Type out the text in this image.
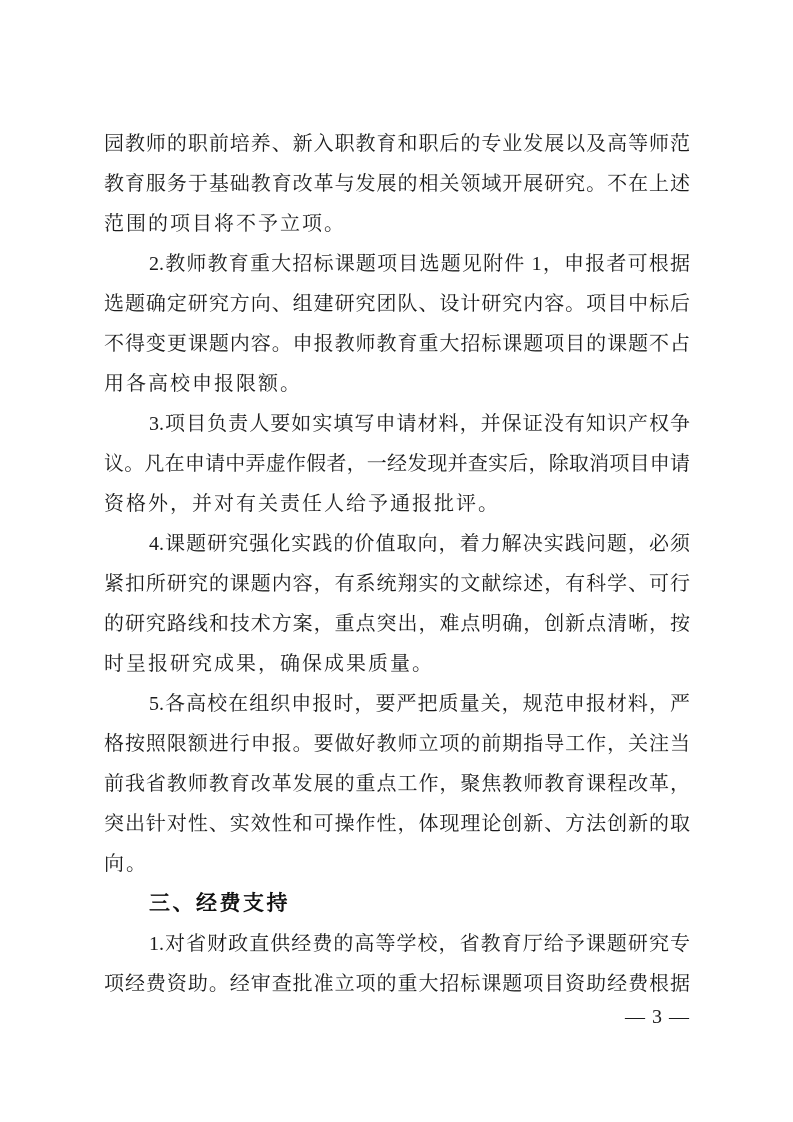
园教师的职前培养、新入职教育和职后的专业发展以及高等师范
教育服务于基础教育改革与发展的相关领域开展研究。不在上述
范围的项目将不予立项。
2.教师教育重大招标课题项目选题见附件 1，申报者可根据
选题确定研究方向、组建研究团队、设计研究内容。项目中标后
不得变更课题内容。申报教师教育重大招标课题项目的课题不占
用各高校申报限额。
3.项目负责人要如实填写申请材料，并保证没有知识产权争
议。凡在申请中弄虚作假者，一经发现并查实后，除取消项目申请
资格外，并对有关责任人给予通报批评。
4.课题研究强化实践的价值取向，着力解决实践问题，必须
紧扣所研究的课题内容，有系统翔实的文献综述，有科学、可行
的研究路线和技术方案，重点突出，难点明确，创新点清晰，按
时呈报研究成果，确保成果质量。
5.各高校在组织申报时，要严把质量关，规范申报材料，严
格按照限额进行申报。要做好教师立项的前期指导工作，关注当
前我省教师教育改革发展的重点工作，聚焦教师教育课程改革，
突出针对性、实效性和可操作性，体现理论创新、方法创新的取
向。
三、经费支持
1.对省财政直供经费的高等学校，省教育厅给予课题研究专
项经费资助。经审查批准立项的重大招标课题项目资助经费根据
— 3 —
